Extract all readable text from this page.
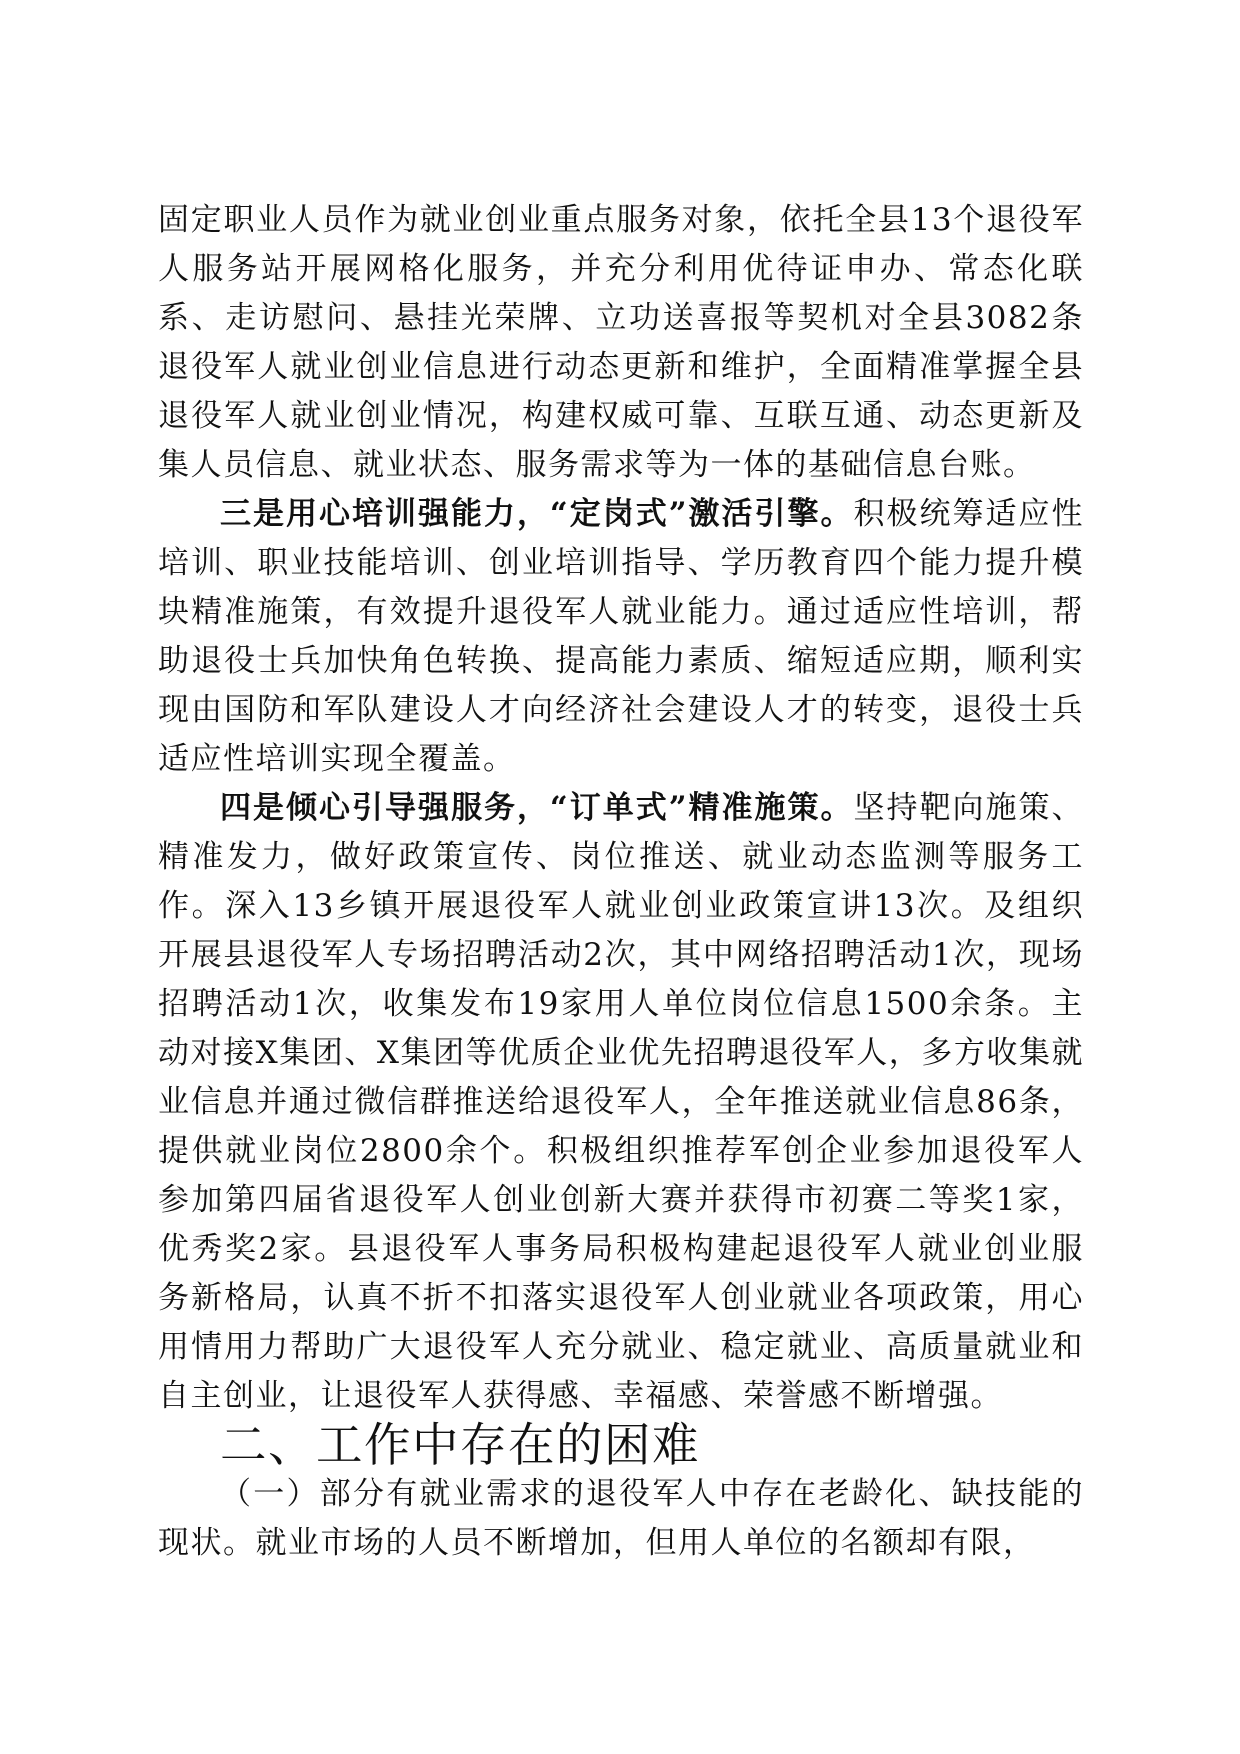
固定职业人员作为就业创业重点服务对象，依托全县13个退役军人服务站开展网格化服务，并充分利用优待证申办、常态化联系、走访慰问、悬挂光荣牌、立功送喜报等契机对全县3082条退役军人就业创业信息进行动态更新和维护，全面精准掌握全县退役军人就业创业情况，构建权威可靠、互联互通、动态更新及集人员信息、就业状态、服务需求等为一体的基础信息台账。

三是用心培训强能力，“定岗式”激活引擎。积极统筹适应性培训、职业技能培训、创业培训指导、学历教育四个能力提升模块精准施策，有效提升退役军人就业能力。通过适应性培训，帮助退役士兵加快角色转换、提高能力素质、缩短适应期，顺利实现由国防和军队建设人才向经济社会建设人才的转变，退役士兵适应性培训实现全覆盖。

四是倾心引导强服务，“订单式”精准施策。坚持靶向施策、精准发力，做好政策宣传、岗位推送、就业动态监测等服务工作。深入13乡镇开展退役军人就业创业政策宣讲13次。及组织开展县退役军人专场招聘活动2次，其中网络招聘活动1次，现场招聘活动1次，收集发布19家用人单位岗位信息1500余条。主动对接X集团、X集团等优质企业优先招聘退役军人，多方收集就业信息并通过微信群推送给退役军人，全年推送就业信息86条，提供就业岗位2800余个。积极组织推荐军创企业参加退役军人参加第四届省退役军人创业创新大赛并获得市初赛二等奖1家，优秀奖2家。县退役军人事务局积极构建起退役军人就业创业服务新格局，认真不折不扣落实退役军人创业就业各项政策，用心用情用力帮助广大退役军人充分就业、稳定就业、高质量就业和自主创业，让退役军人获得感、幸福感、荣誉感不断增强。

二、工作中存在的困难

（一）部分有就业需求的退役军人中存在老龄化、缺技能的现状。就业市场的人员不断增加，但用人单位的名额却有限，
